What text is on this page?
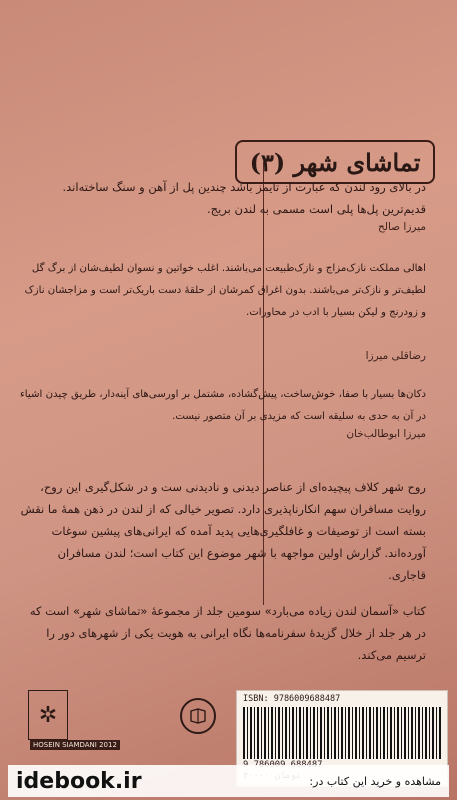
تماشای شهر (۳)
در بالای رود لندن که عبارت از تایمز باشد چندین پل از آهن و سنگ ساخته‌اند. قدیم‌ترین پل‌ها پلی است مسمی به لندن بریج.
میرزا صالح
اهالی مملکت نازک‌مزاج و نازک‌طبیعت می‌باشند. اغلب خواتین و نسوان لطیف‌شان از برگ گل لطیف‌تر و نازک‌تر می‌باشند. بدون اغراق کمرشان از حلقهٔ دست باریک‌تر است و مزاجشان نازک و زودرنج و لیکن بسیار با ادب در محاورات.
رضاقلی میرزا
دکان‌ها بسیار با صفا، خوش‌ساخت، پیش‌گشاده، مشتمل بر اورسی‌های آینه‌دار، طریق چیدن اشیاء در آن به حدی به سلیقه است که مزیدی بر آن متصور نیست.
میرزا ابوطالب‌خان
روح شهر کلاف پیچیده‌ای از عناصر دیدنی و نادیدنی ست و در شکل‌گیری این روح، روایت مسافران سهم انکارناپذیری دارد. تصویر خیالی که از لندن در ذهن همهٔ ما نقش بسته است از توصیفات و غافلگیری‌هایی پدید آمده که ایرانی‌های پیشین سوغات آورده‌اند. گزارش اولین مواجهه با شهر موضوع این کتاب است؛ لندن مسافران قاجاری.
کتاب «آسمان لندن زیاده می‌بارد» سومین جلد از مجموعهٔ «تماشای شهر» است که در هر جلد از خلال گزیدهٔ سفرنامه‌ها نگاه ایرانی به هویت یکی از شهرهای دور را ترسیم می‌کند.
✲
HOSEIN SIAMDANI 2012
ISBN: 9786009688487
idebook.ir	مشاهده و خرید این کتاب در:
